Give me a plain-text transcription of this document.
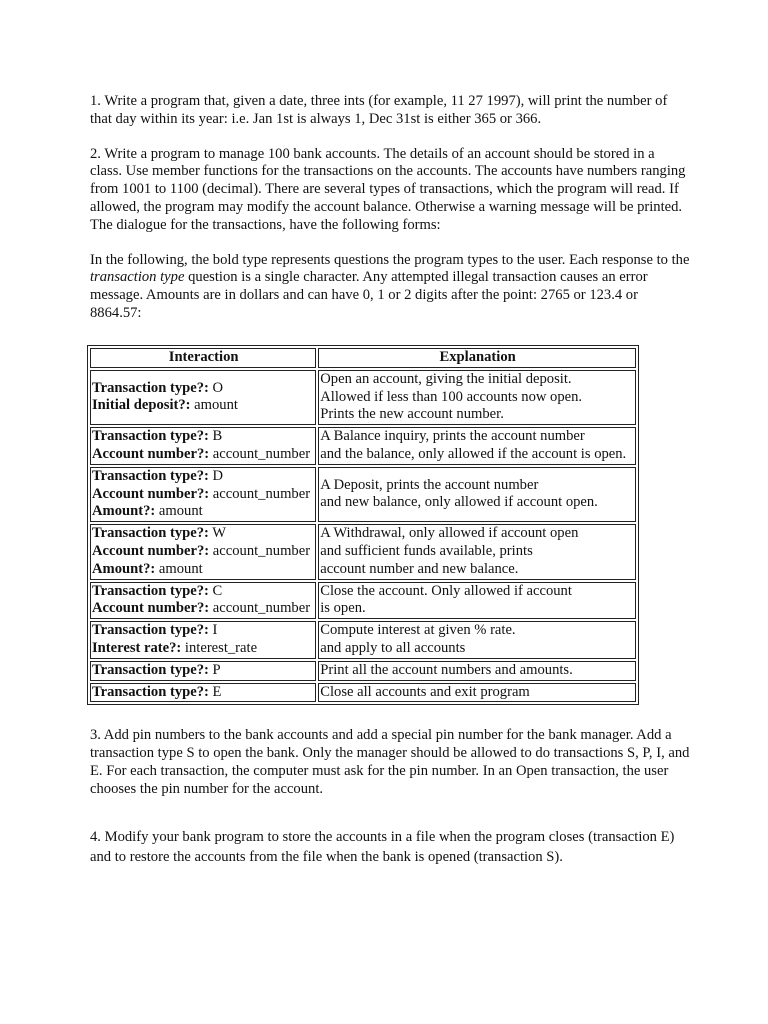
1. Write a program that, given a date, three ints (for example, 11 27 1997), will print the number of that day within its year: i.e. Jan 1st is always 1, Dec 31st is either 365 or 366.

2. Write a program to manage 100 bank accounts. The details of an account should be stored in a class. Use member functions for the transactions on the accounts. The accounts have numbers ranging from 1001 to 1100 (decimal). There are several types of transactions, which the program will read. If allowed, the program may modify the account balance. Otherwise a warning message will be printed. The dialogue for the transactions, have the following forms:

In the following, the bold type represents questions the program types to the user. Each response to the transaction type question is a single character. Any attempted illegal transaction causes an error message. Amounts are in dollars and can have 0, 1 or 2 digits after the point: 2765 or 123.4 or 8864.57:

Interaction	Explanation

Transaction type?: O
Initial deposit?: amount	Open an account, giving the initial deposit.
Allowed if less than 100 accounts now open.
Prints the new account number.

Transaction type?: B
Account number?: account_number	A Balance inquiry, prints the account number
and the balance, only allowed if the account is open.

Transaction type?: D
Account number?: account_number
Amount?: amount	A Deposit, prints the account number
and new balance, only allowed if account open.

Transaction type?: W
Account number?: account_number
Amount?: amount	A Withdrawal, only allowed if account open
and sufficient funds available, prints
account number and new balance.

Transaction type?: C
Account number?: account_number	Close the account. Only allowed if account
is open.

Transaction type?: I
Interest rate?: interest_rate	Compute interest at given % rate.
and apply to all accounts

Transaction type?: P	Print all the account numbers and amounts.

Transaction type?: E	Close all accounts and exit program

3. Add pin numbers to the bank accounts and add a special pin number for the bank manager. Add a transaction type S to open the bank. Only the manager should be allowed to do transactions S, P, I, and E. For each transaction, the computer must ask for the pin number. In an Open transaction, the user chooses the pin number for the account.

4. Modify your bank program to store the accounts in a file when the program closes (transaction E) and to restore the accounts from the file when the bank is opened (transaction S).
